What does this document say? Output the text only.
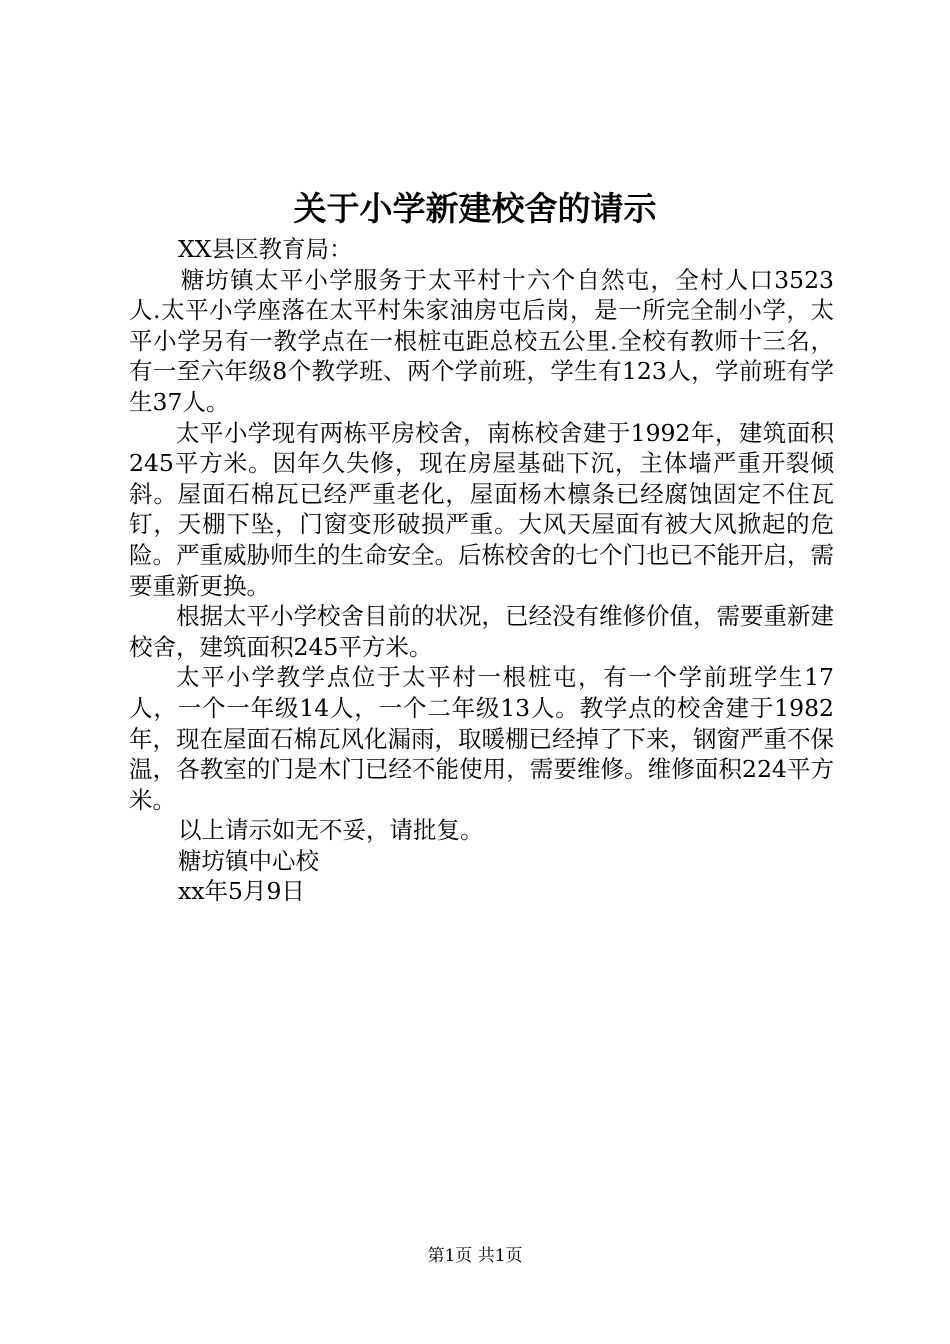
关于小学新建校舍的请示

XX县区教育局：

糖坊镇太平小学服务于太平村十六个自然屯，全村人口3523人.太平小学座落在太平村朱家油房屯后岗，是一所完全制小学，太平小学另有一教学点在一根桩屯距总校五公里.全校有教师十三名，有一至六年级8个教学班、两个学前班，学生有123人，学前班有学生37人。

太平小学现有两栋平房校舍，南栋校舍建于1992年，建筑面积245平方米。因年久失修，现在房屋基础下沉，主体墙严重开裂倾斜。屋面石棉瓦已经严重老化，屋面杨木檩条已经腐蚀固定不住瓦钉，天棚下坠，门窗变形破损严重。大风天屋面有被大风掀起的危险。严重威胁师生的生命安全。后栋校舍的七个门也已不能开启，需要重新更换。

根据太平小学校舍目前的状况，已经没有维修价值，需要重新建校舍，建筑面积245平方米。

太平小学教学点位于太平村一根桩屯，有一个学前班学生17人，一个一年级14人，一个二年级13人。教学点的校舍建于1982年，现在屋面石棉瓦风化漏雨，取暖棚已经掉了下来，钢窗严重不保温，各教室的门是木门已经不能使用，需要维修。维修面积224平方米。

以上请示如无不妥，请批复。

糖坊镇中心校

xx年5月9日

第1页 共1页
